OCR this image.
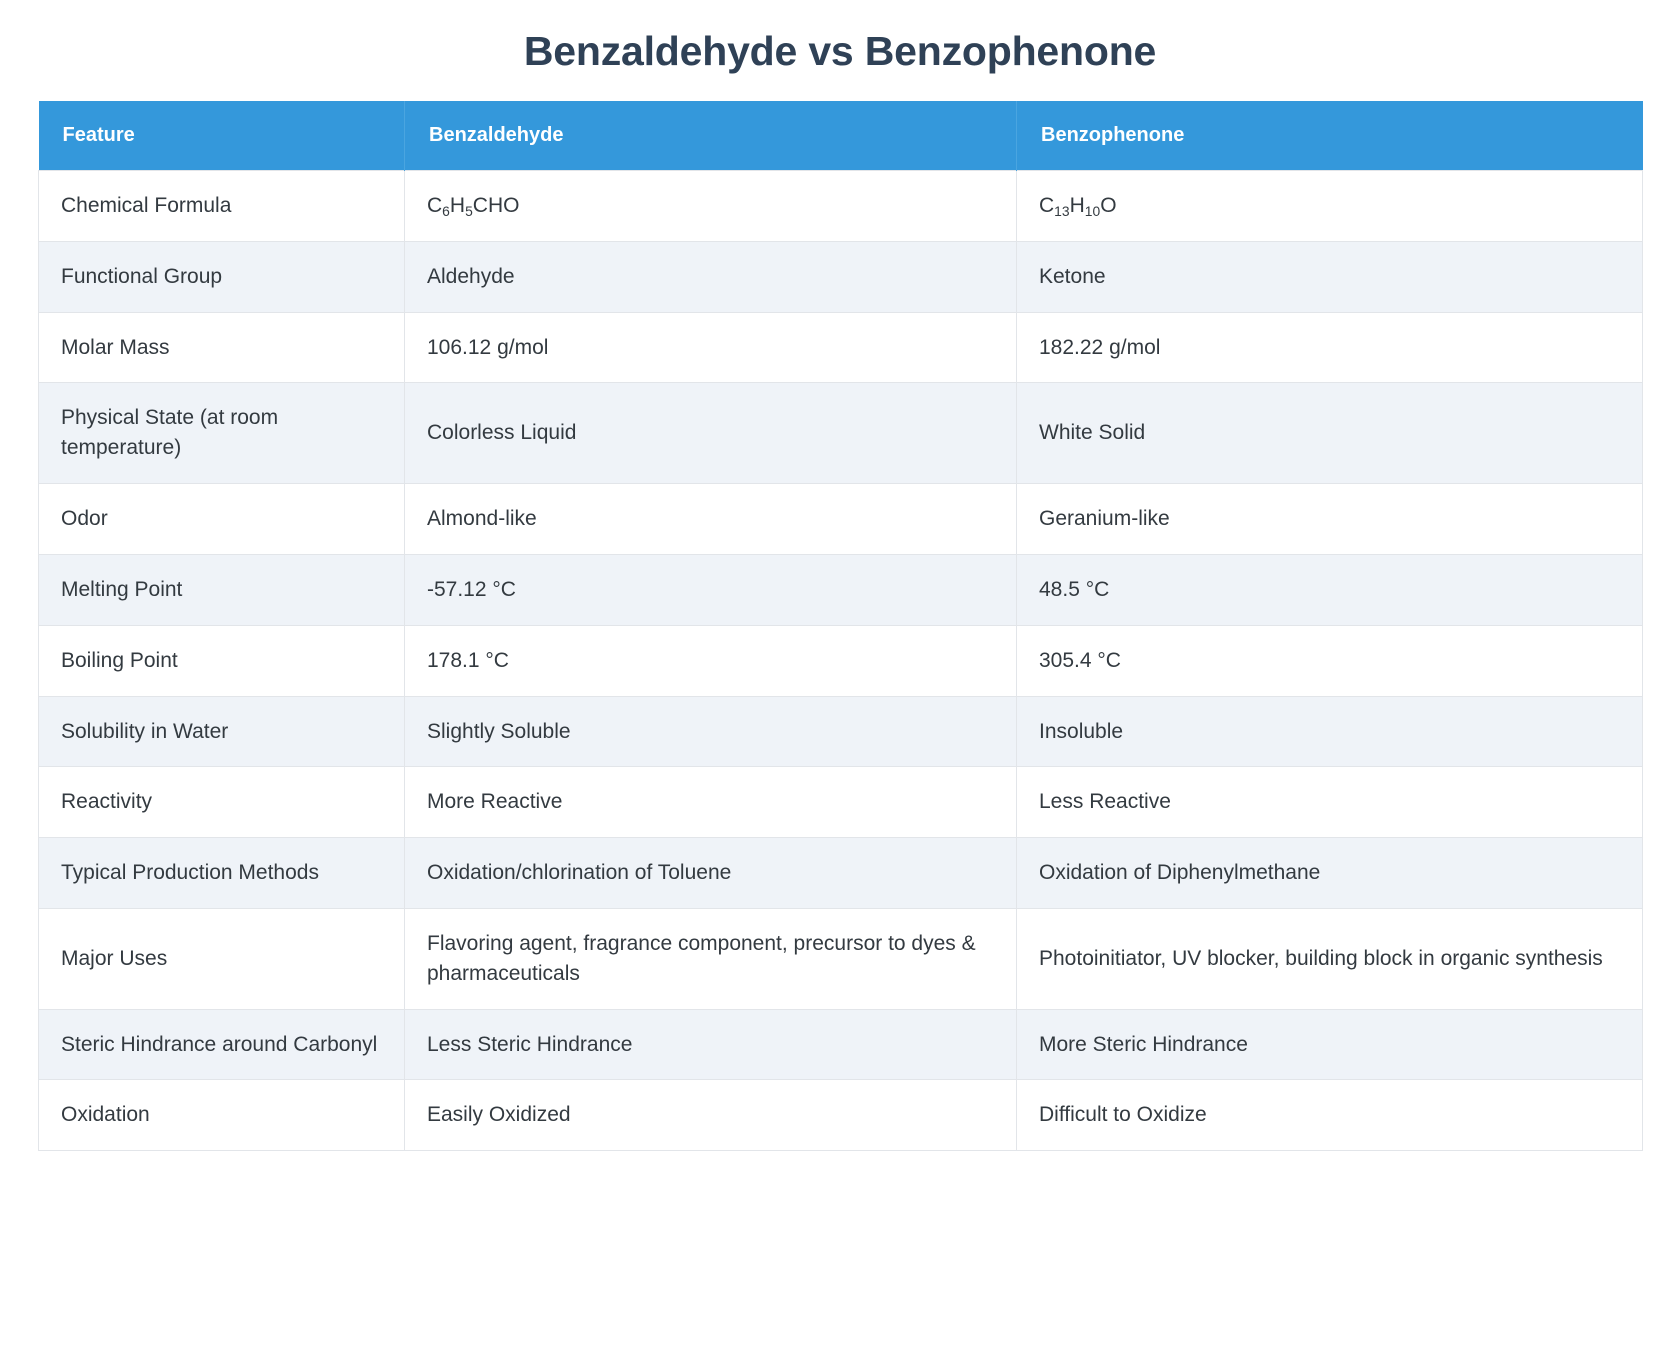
Benzaldehyde vs Benzophenone
Feature	Benzaldehyde	Benzophenone
Chemical Formula	$C_6H_5CHO$	$C_{13}H_{10}O$
Functional Group	Aldehyde	Ketone
Molar Mass	106.12 g/mol	182.22 g/mol
Physical State (at room temperature)	Colorless Liquid	White Solid
Odor	Almond-like	Geranium-like
Melting Point	-57.12 °C	48.5 °C
Boiling Point	178.1 °C	305.4 °C
Solubility in Water	Slightly Soluble	Insoluble
Reactivity	More Reactive	Less Reactive
Typical Production Methods	Oxidation/chlorination of Toluene	Oxidation of Diphenylmethane
Major Uses	Flavoring agent, fragrance component, precursor to dyes & pharmaceuticals	Photoinitiator, UV blocker, building block in organic synthesis
Steric Hindrance around Carbonyl	Less Steric Hindrance	More Steric Hindrance
Oxidation	Easily Oxidized	Difficult to Oxidize
